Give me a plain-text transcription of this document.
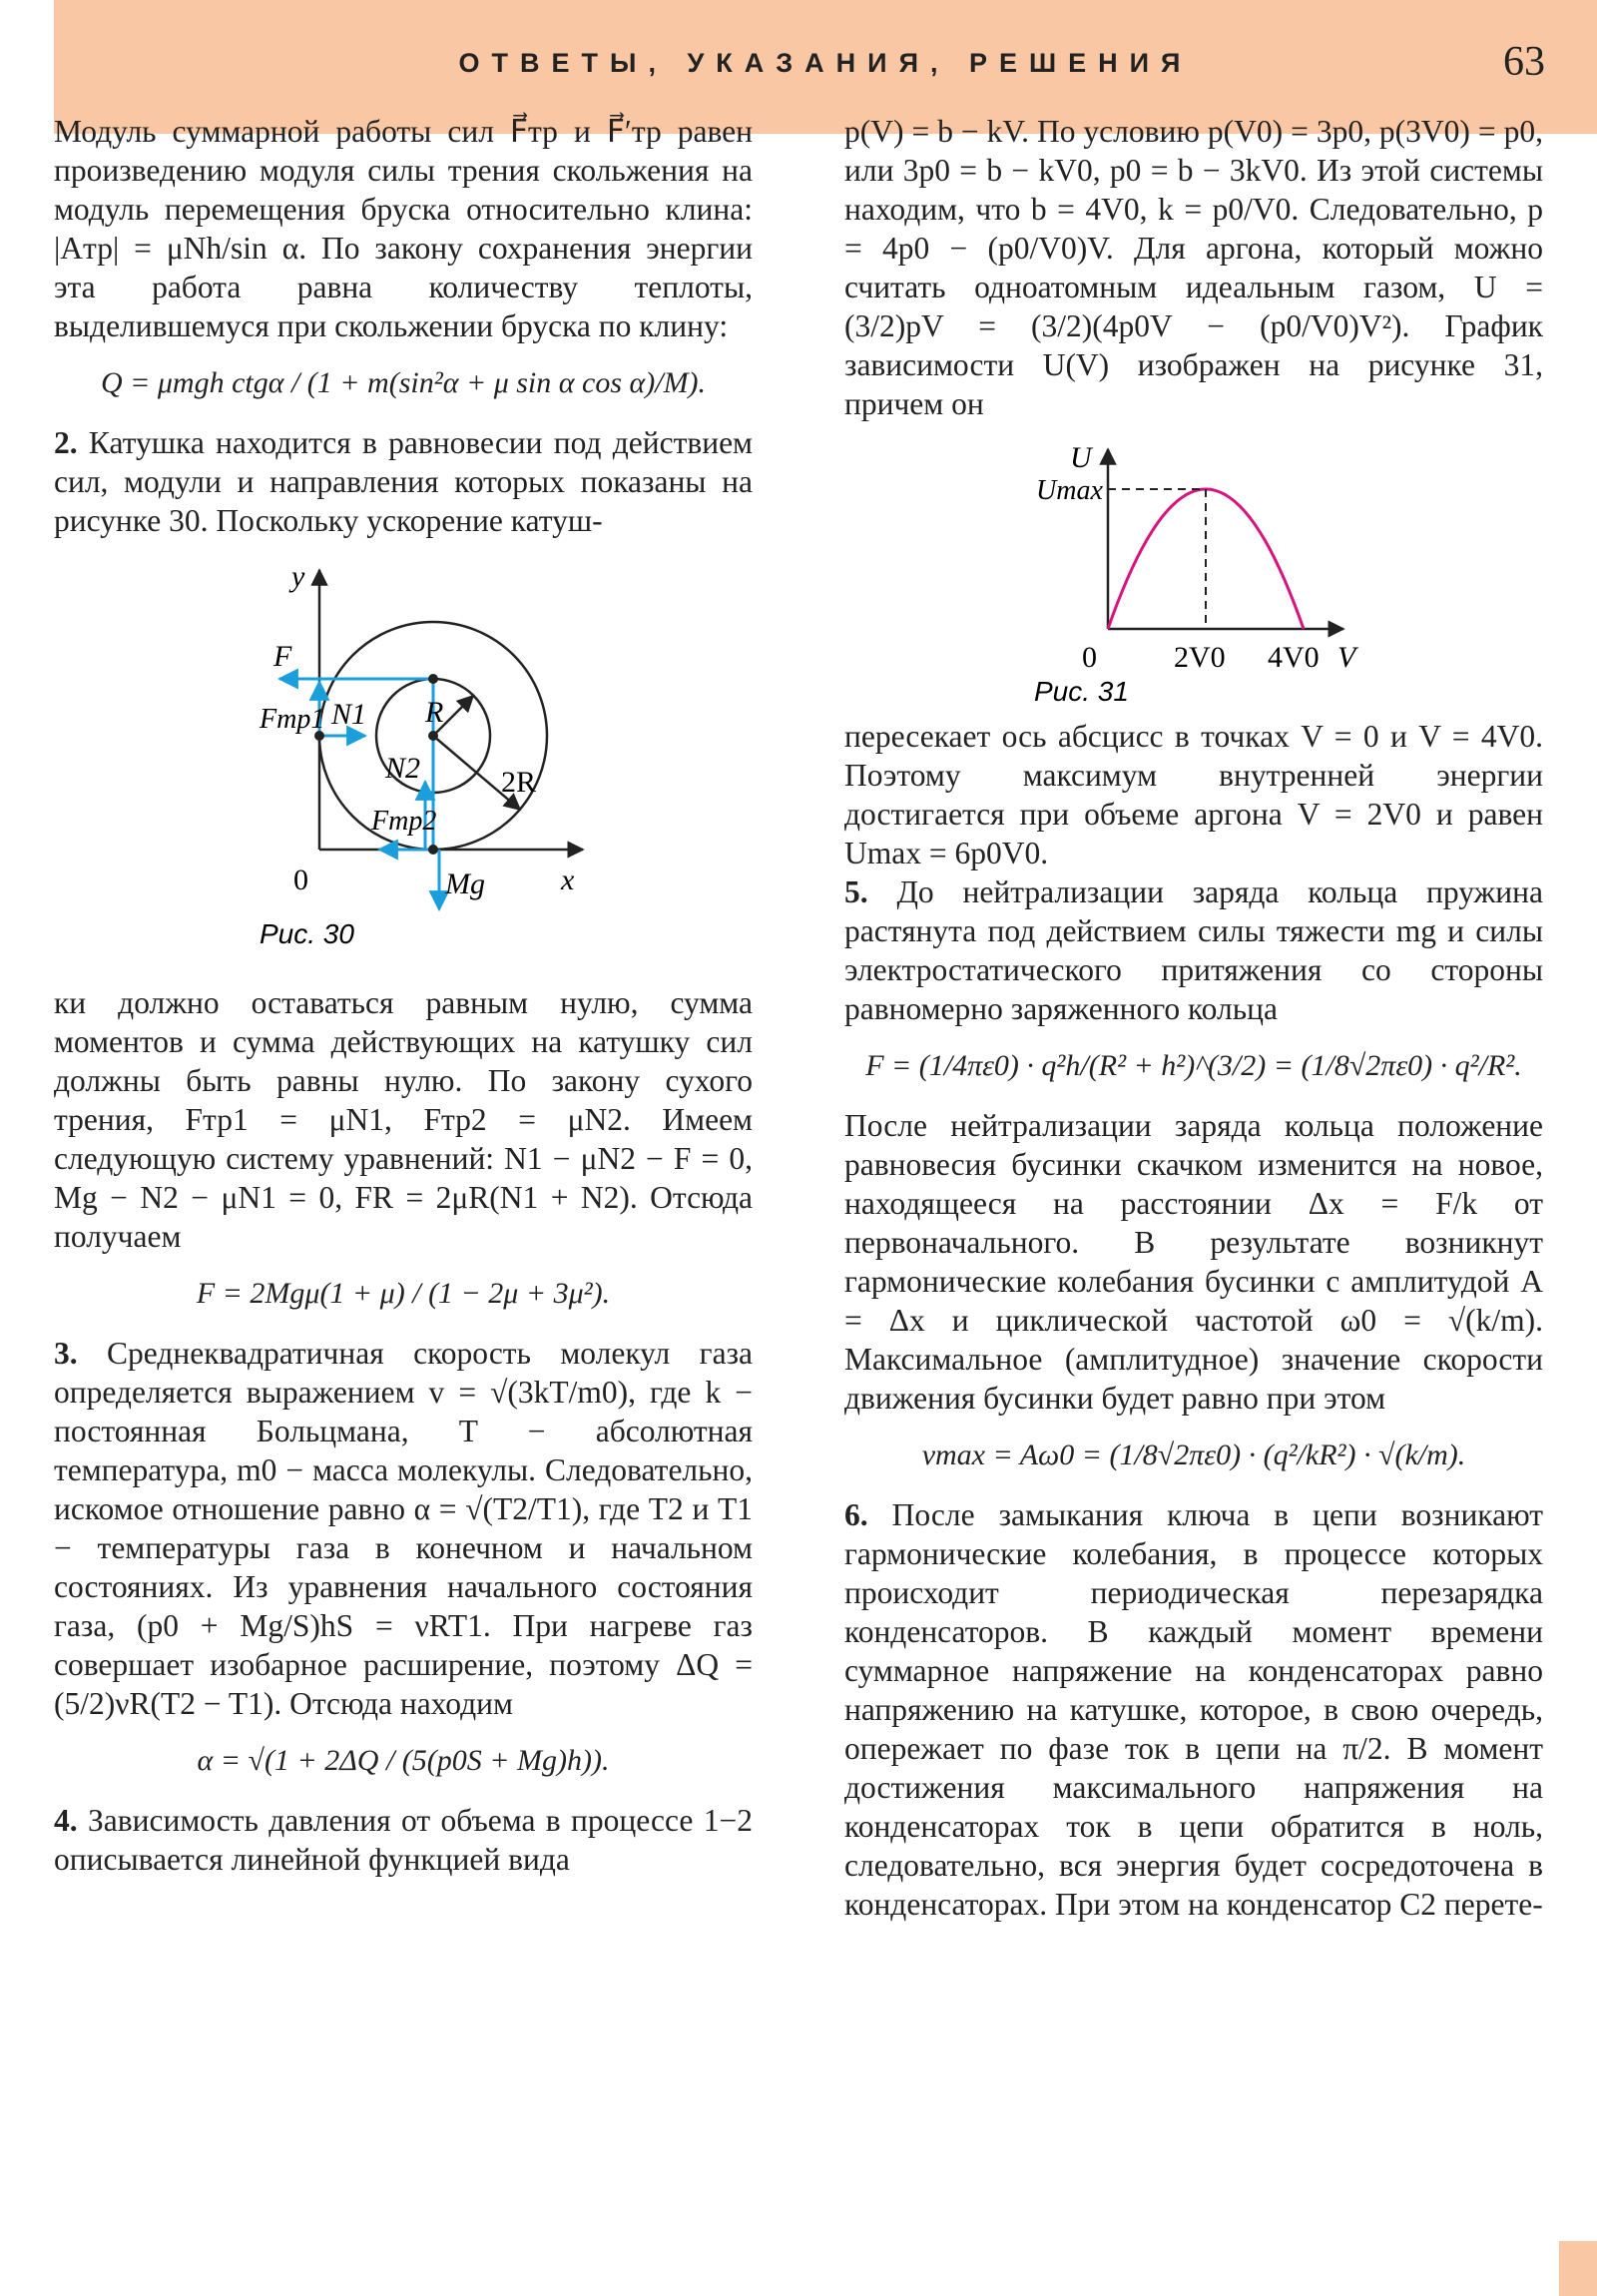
ОТВЕТЫ, УКАЗАНИЯ, РЕШЕНИЯ	63

Модуль суммарной работы сил F⃗тр и F⃗′тр равен произведению модуля силы трения скольжения на модуль перемещения бруска относительно клина: |Aтр| = μNh/sin α. По закону сохранения энергии эта работа равна количеству теплоты, выделившемуся при скольжении бруска по клину:

Q = μmgh ctgα / (1 + m(sin²α + μ sin α cos α)/M).

2. Катушка находится в равновесии под действием сил, модули и направления которых показаны на рисунке 30. Поскольку ускорение катуш-

y
x
0
F
Fтр1 N1 R
N2	2R
Fтр2
Mg
Рис. 30

ки должно оставаться равным нулю, сумма моментов и сумма действующих на катушку сил должны быть равны нулю. По закону сухого трения, Fтр1 = μN1, Fтр2 = μN2. Имеем следующую систему уравнений: N1 − μN2 − F = 0, Mg − N2 − μN1 = 0, FR = 2μR(N1 + N2). Отсюда получаем

F = 2Mgμ(1 + μ) / (1 − 2μ + 3μ²).

3. Среднеквадратичная скорость молекул газа определяется выражением v = √(3kT/m0), где k − постоянная Больцмана, T − абсолютная температура, m0 − масса молекулы. Следовательно, искомое отношение равно α = √(T2/T1), где T2 и T1 − температуры газа в конечном и начальном состояниях. Из уравнения начального состояния газа, (p0 + Mg/S)hS = νRT1. При нагреве газ совершает изобарное расширение, поэтому ΔQ = (5/2)νR(T2 − T1). Отсюда находим

α = √(1 + 2ΔQ / (5(p0S + Mg)h)).

4. Зависимость давления от объема в процессе 1−2 описывается линейной функцией вида

p(V) = b − kV. По условию p(V0) = 3p0, p(3V0) = p0, или 3p0 = b − kV0, p0 = b − 3kV0. Из этой системы находим, что b = 4V0, k = p0/V0. Следовательно, p = 4p0 − (p0/V0)V. Для аргона, который можно считать одноатомным идеальным газом, U = (3/2)pV = (3/2)(4p0V − (p0/V0)V²). График зависимости U(V) изображен на рисунке 31, причем он

U
Umax
0	2V0 4V0 V
Рис. 31

пересекает ось абсцисс в точках V = 0 и V = 4V0. Поэтому максимум внутренней энергии достигается при объеме аргона V = 2V0 и равен Umax = 6p0V0.

5. До нейтрализации заряда кольца пружина растянута под действием силы тяжести mg и силы электростатического притяжения со стороны равномерно заряженного кольца

F = (1/4πε0) · q²h/(R² + h²)^(3/2) = (1/8√2πε0) · q²/R².

После нейтрализации заряда кольца положение равновесия бусинки скачком изменится на новое, находящееся на расстоянии Δx = F/k от первоначального. В результате возникнут гармонические колебания бусинки с амплитудой A = Δx и циклической частотой ω0 = √(k/m). Максимальное (амплитудное) значение скорости движения бусинки будет равно при этом

vmax = Aω0 = (1/8√2πε0) · (q²/kR²) · √(k/m).

6. После замыкания ключа в цепи возникают гармонические колебания, в процессе которых происходит периодическая перезарядка конденсаторов. В каждый момент времени суммарное напряжение на конденсаторах равно напряжению на катушке, которое, в свою очередь, опережает по фазе ток в цепи на π/2. В момент достижения максимального напряжения на конденсаторах ток в цепи обратится в ноль, следовательно, вся энергия будет сосредоточена в конденсаторах. При этом на конденсатор C2 перете-
